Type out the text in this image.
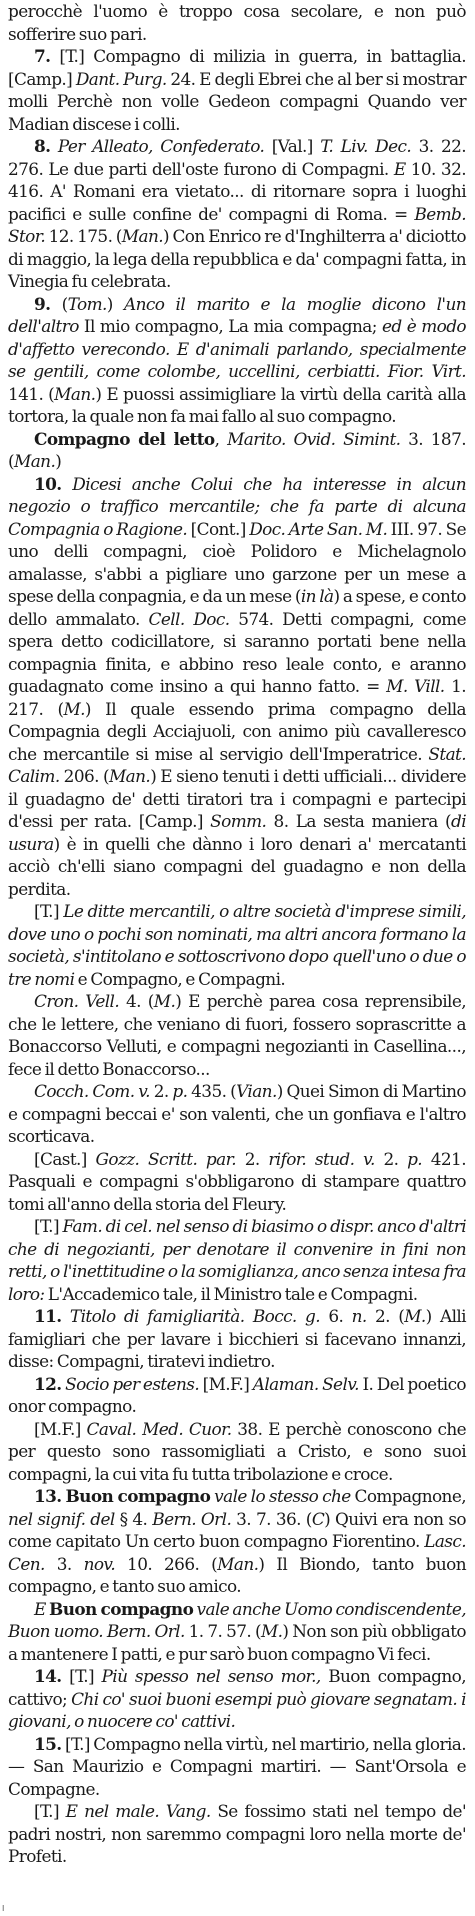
perocchè l'uomo è troppo cosa secolare, e non può sofferire suo pari.

7. [T.] Compagno di milizia in guerra, in battaglia. [Camp.] Dant. Purg. 24. E degli Ebrei che al ber si mostrar molli Perchè non volle Gedeon compagni Quando ver Madian discese i colli.

8. Per Alleato, Confederato. [Val.] T. Liv. Dec. 3. 22. 276. Le due parti dell'oste furono di Compagni. E 10. 32. 416. A' Romani era vietato... di ritornare sopra i luoghi pacifici e sulle confine de' compagni di Roma. = Bemb. Stor. 12. 175. (Man.) Con Enrico re d'Inghilterra a' diciotto di maggio, la lega della repubblica e da' compagni fatta, in Vinegia fu celebrata.

9. (Tom.) Anco il marito e la moglie dicono l'un dell'altro Il mio compagno, La mia compagna; ed è modo d'affetto verecondo. E d'animali parlando, specialmente se gentili, come colombe, uccellini, cerbiatti. Fior. Virt. 141. (Man.) E puossi assimigliare la virtù della carità alla tortora, la quale non fa mai fallo al suo compagno.

Compagno del letto, Marito. Ovid. Simint. 3. 187. (Man.)

10. Dicesi anche Colui che ha interesse in alcun negozio o traffico mercantile; che fa parte di alcuna Compagnia o Ragione. [Cont.] Doc. Arte San. M. III. 97. Se uno delli compagni, cioè Polidoro e Michelagnolo amalasse, s'abbi a pigliare uno garzone per un mese a spese della conpagnia, e da un mese (in là) a spese, e conto dello ammalato. Cell. Doc. 574. Detti compagni, come spera detto codicillatore, si saranno portati bene nella compagnia finita, e abbino reso leale conto, e aranno guadagnato come insino a qui hanno fatto. = M. Vill. 1. 217. (M.) Il quale essendo prima compagno della Compagnia degli Acciajuoli, con animo più cavalleresco che mercantile si mise al servigio dell'Imperatrice. Stat. Calim. 206. (Man.) E sieno tenuti i detti ufficiali... dividere il guadagno de' detti tiratori tra i compagni e partecipi d'essi per rata. [Camp.] Somm. 8. La sesta maniera (di usura) è in quelli che dànno i loro denari a' mercatanti acciò ch'elli siano compagni del guadagno e non della perdita.

[T.] Le ditte mercantili, o altre società d'imprese simili, dove uno o pochi son nominati, ma altri ancora formano la società, s'intitolano e sottoscrivono dopo quell'uno o due o tre nomi e Compagno, e Compagni.

Cron. Vell. 4. (M.) E perchè parea cosa reprensibile, che le lettere, che veniano di fuori, fossero soprascritte a Bonaccorso Velluti, e compagni negozianti in Casellina..., fece il detto Bonaccorso...

Cocch. Com. v. 2. p. 435. (Vian.) Quei Simon di Martino e compagni beccai e' son valenti, che un gonfiava e l'altro scorticava.

[Cast.] Gozz. Scritt. par. 2. rifor. stud. v. 2. p. 421. Pasquali e compagni s'obbligarono di stampare quattro tomi all'anno della storia del Fleury.

[T.] Fam. di cel. nel senso di biasimo o dispr. anco d'altri che di negozianti, per denotare il convenire in fini non retti, o l'inettitudine o la somiglianza, anco senza intesa fra loro: L'Accademico tale, il Ministro tale e Compagni.

11. Titolo di famigliarità. Bocc. g. 6. n. 2. (M.) Alli famigliari che per lavare i bicchieri si facevano innanzi, disse: Compagni, tiratevi indietro.

12. Socio per estens. [M.F.] Alaman. Selv. I. Del poetico onor compagno.

[M.F.] Caval. Med. Cuor. 38. E perchè conoscono che per questo sono rassomigliati a Cristo, e sono suoi compagni, la cui vita fu tutta tribolazione e croce.

13. Buon compagno vale lo stesso che Compagnone, nel signif. del § 4. Bern. Orl. 3. 7. 36. (C) Quivi era non so come capitato Un certo buon compagno Fiorentino. Lasc. Cen. 3. nov. 10. 266. (Man.) Il Biondo, tanto buon compagno, e tanto suo amico.

E Buon compagno vale anche Uomo condiscendente, Buon uomo. Bern. Orl. 1. 7. 57. (M.) Non son più obbligato a mantenere I patti, e pur sarò buon compagno Vi feci.

14. [T.] Più spesso nel senso mor., Buon compagno, cattivo; Chi co' suoi buoni esempi può giovare segnatam. i giovani, o nuocere co' cattivi.

15. [T.] Compagno nella virtù, nel martirio, nella gloria. — San Maurizio e Compagni martiri. — Sant'Orsola e Compagne.

[T.] E nel male. Vang. Se fossimo stati nel tempo de' padri nostri, non saremmo compagni loro nella morte de' Profeti.

I
